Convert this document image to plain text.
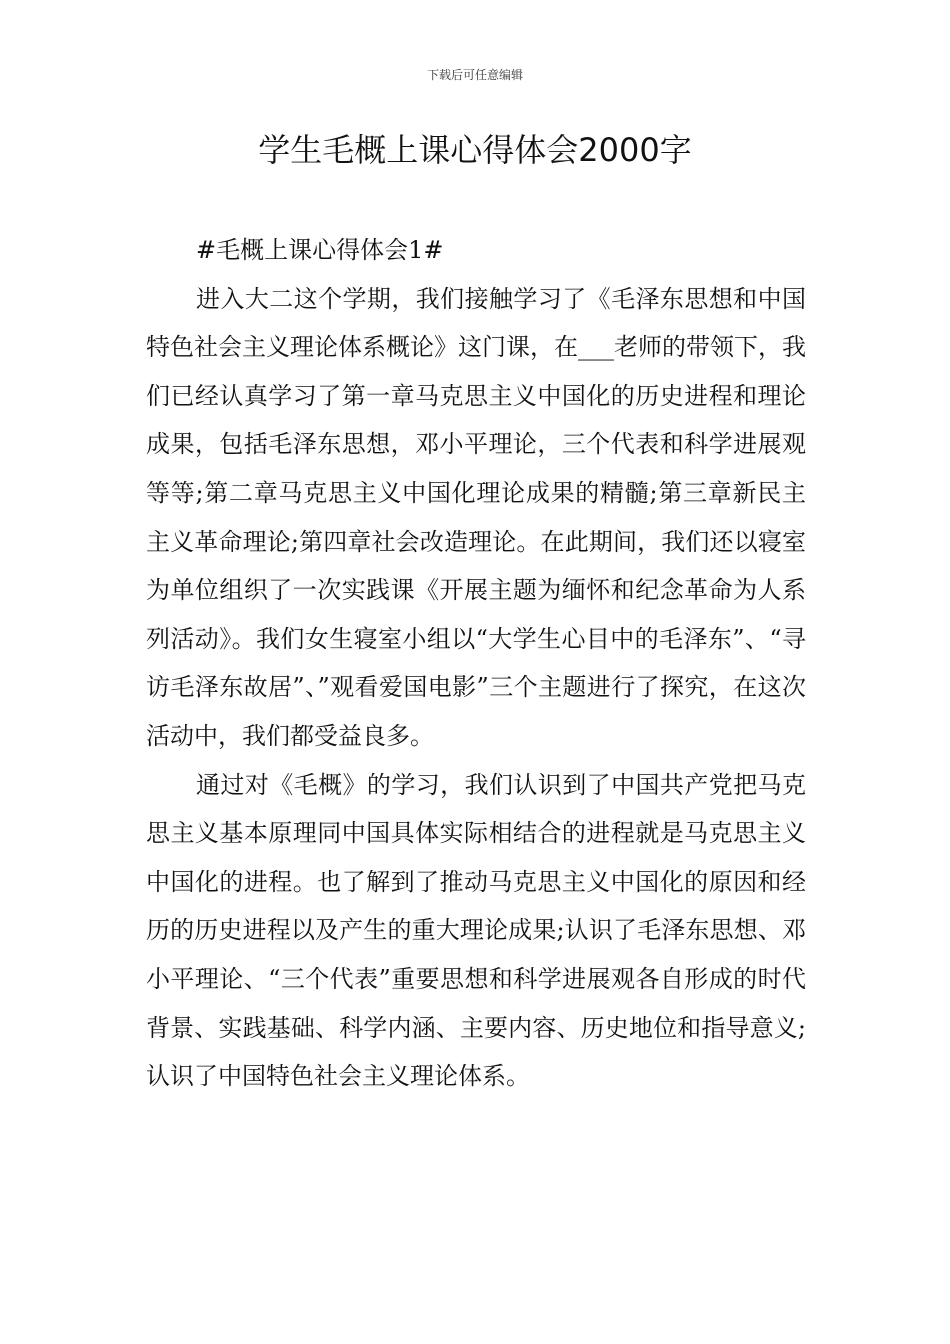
下载后可任意编辑
学生毛概上课心得体会2000字

#毛概上课心得体会1#

进入大二这个学期，我们接触学习了《毛泽东思想和中国特色社会主义理论体系概论》这门课，在___老师的带领下，我们已经认真学习了第一章马克思主义中国化的历史进程和理论成果，包括毛泽东思想，邓小平理论，三个代表和科学进展观等等;第二章马克思主义中国化理论成果的精髓;第三章新民主主义革命理论;第四章社会改造理论。在此期间，我们还以寝室为单位组织了一次实践课《开展主题为缅怀和纪念革命为人系列活动》。我们女生寝室小组以“大学生心目中的毛泽东”、“寻访毛泽东故居”、”观看爱国电影”三个主题进行了探究，在这次活动中，我们都受益良多。

通过对《毛概》的学习，我们认识到了中国共产党把马克思主义基本原理同中国具体实际相结合的进程就是马克思主义中国化的进程。也了解到了推动马克思主义中国化的原因和经历的历史进程以及产生的重大理论成果;认识了毛泽东思想、邓小平理论、“三个代表”重要思想和科学进展观各自形成的时代背景、实践基础、科学内涵、主要内容、历史地位和指导意义;认识了中国特色社会主义理论体系。
